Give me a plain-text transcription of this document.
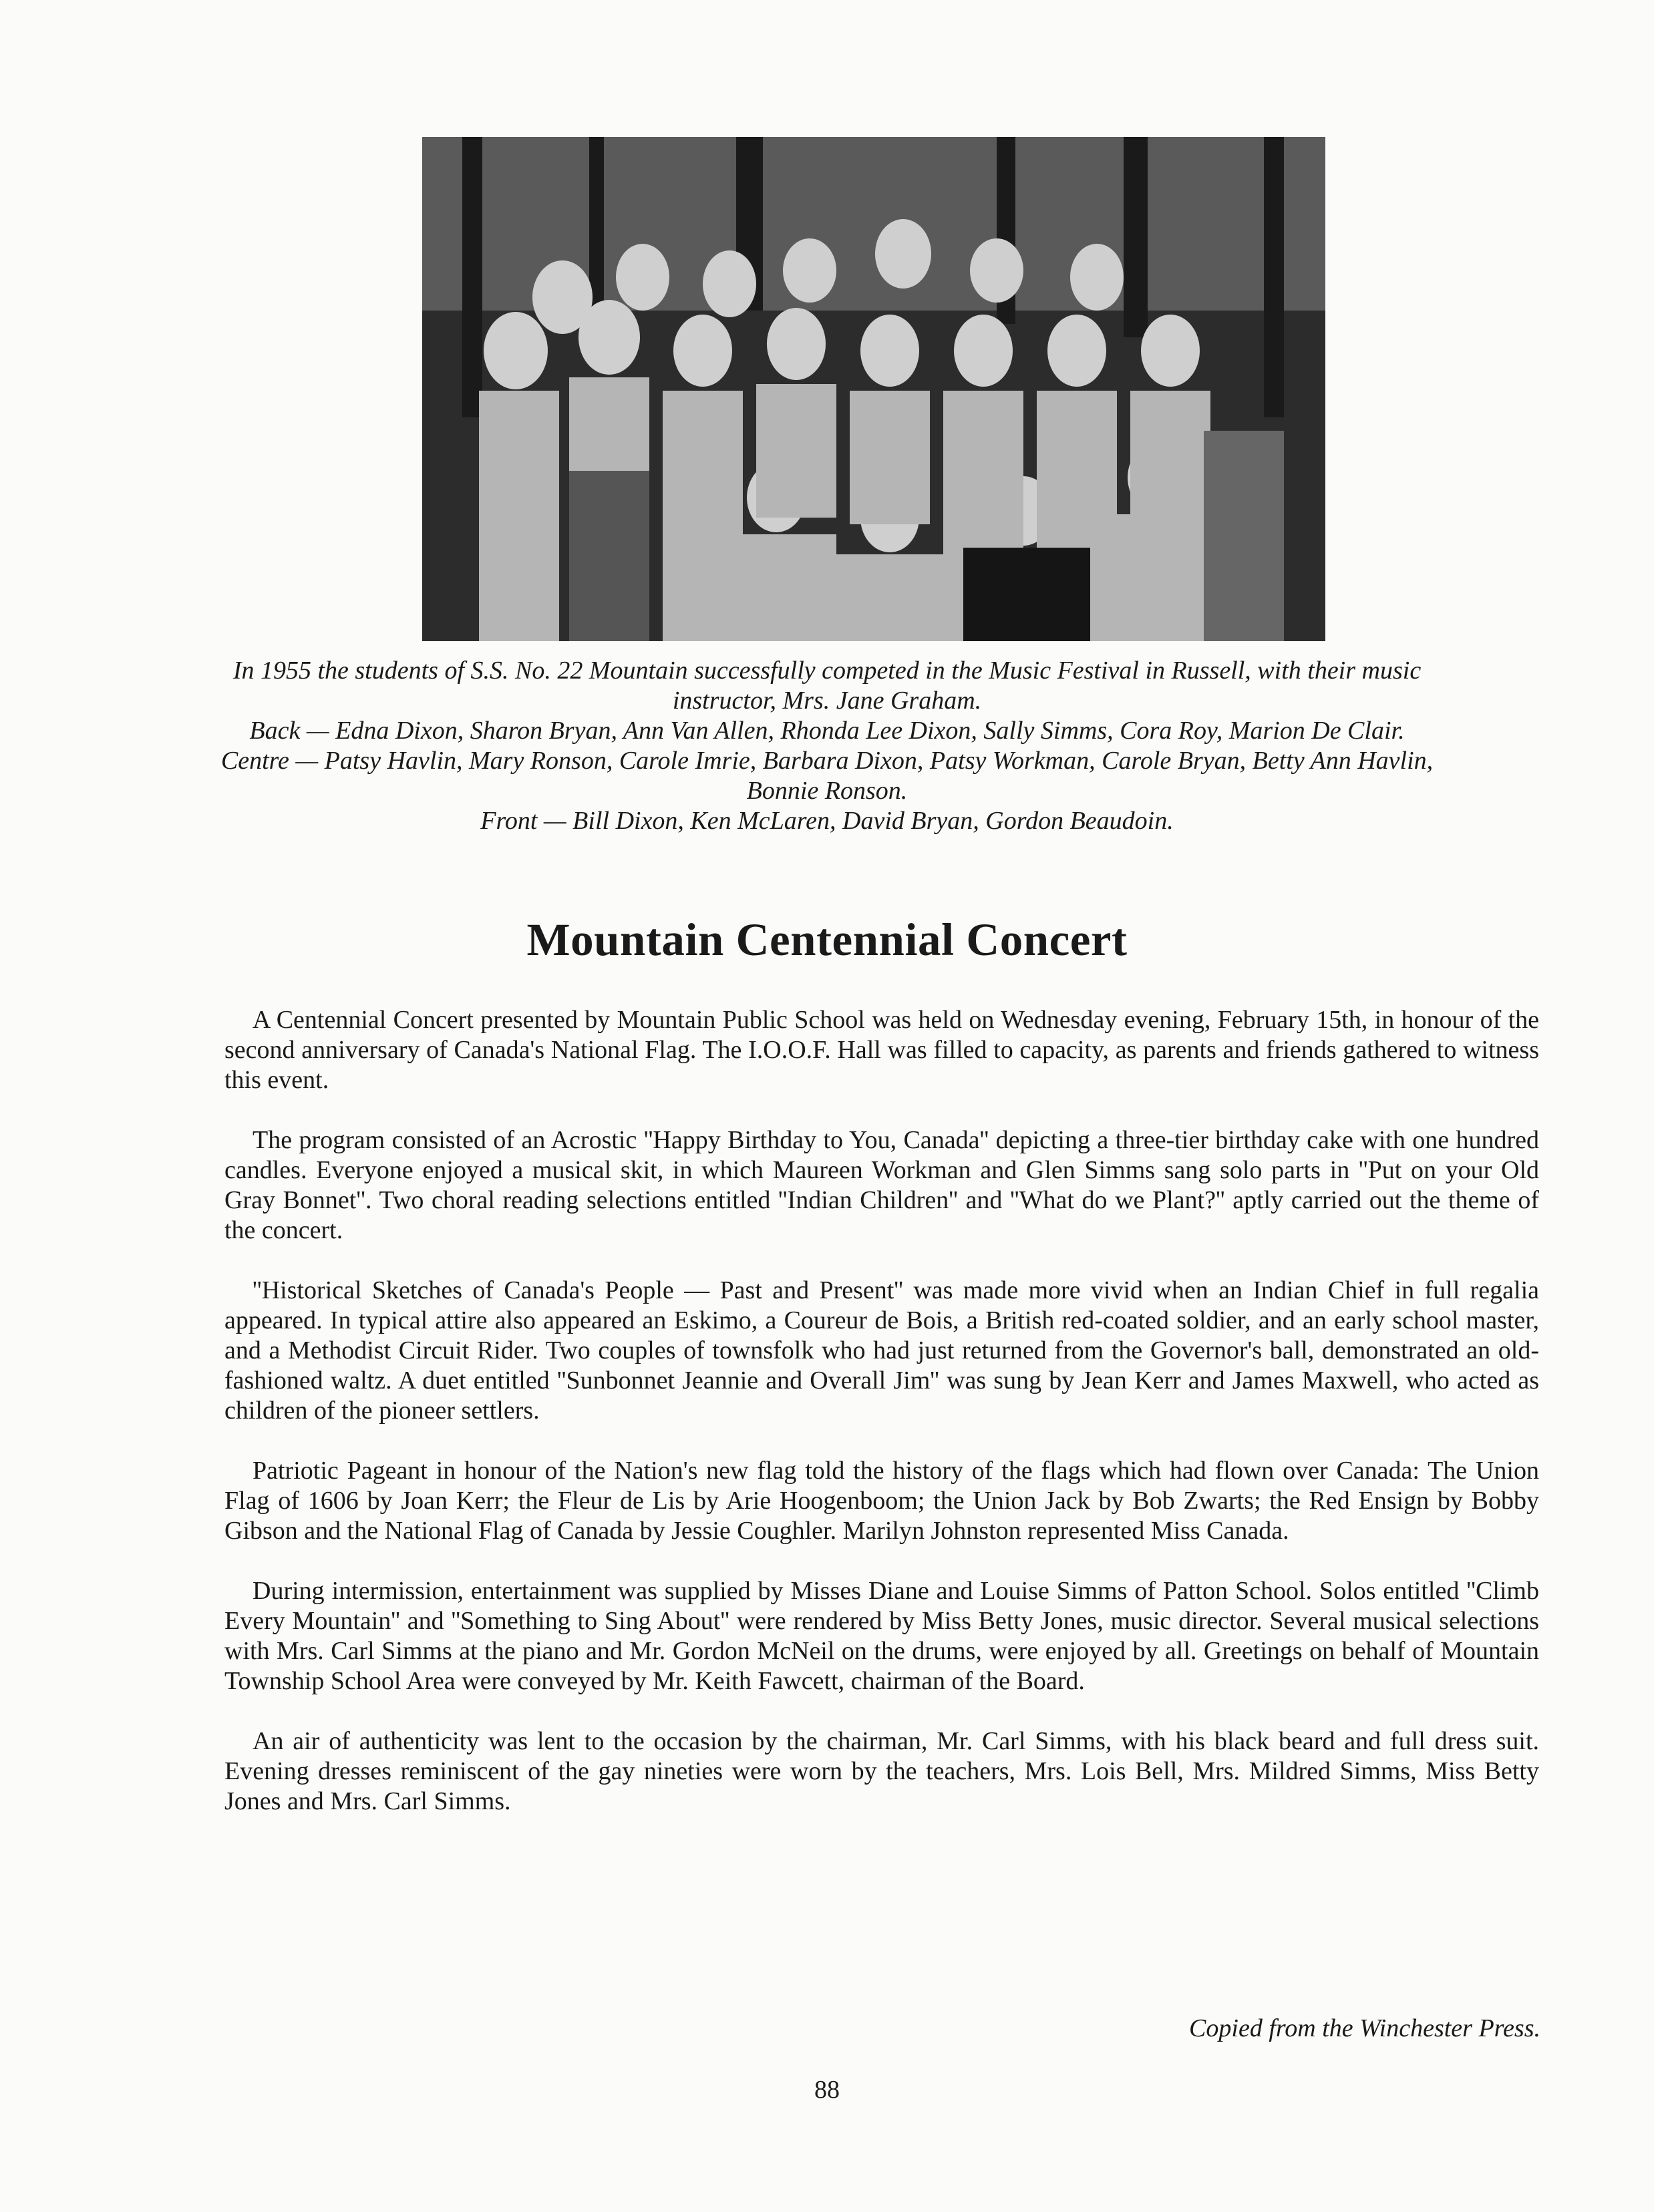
In 1955 the students of S.S. No. 22 Mountain successfully competed in the Music Festival in Russell, with their music instructor, Mrs. Jane Graham.

Back — Edna Dixon, Sharon Bryan, Ann Van Allen, Rhonda Lee Dixon, Sally Simms, Cora Roy, Marion De Clair.

Centre — Patsy Havlin, Mary Ronson, Carole Imrie, Barbara Dixon, Patsy Workman, Carole Bryan, Betty Ann Havlin, Bonnie Ronson.

Front — Bill Dixon, Ken McLaren, David Bryan, Gordon Beaudoin.

Mountain Centennial Concert

A Centennial Concert presented by Mountain Public School was held on Wednesday evening, February 15th, in honour of the second anniversary of Canada's National Flag. The I.O.O.F. Hall was filled to capacity, as parents and friends gathered to witness this event.

The program consisted of an Acrostic ''Happy Birthday to You, Canada'' depicting a three-tier birthday cake with one hundred candles. Everyone enjoyed a musical skit, in which Maureen Workman and Glen Simms sang solo parts in ''Put on your Old Gray Bonnet''. Two choral reading selections entitled ''Indian Children'' and ''What do we Plant?'' aptly carried out the theme of the concert.

''Historical Sketches of Canada's People — Past and Present'' was made more vivid when an Indian Chief in full regalia appeared. In typical attire also appeared an Eskimo, a Coureur de Bois, a British red-coated soldier, and an early school master, and a Methodist Circuit Rider. Two couples of townsfolk who had just returned from the Governor's ball, demonstrated an old-fashioned waltz. A duet entitled ''Sunbonnet Jeannie and Overall Jim'' was sung by Jean Kerr and James Maxwell, who acted as children of the pioneer settlers.

Patriotic Pageant in honour of the Nation's new flag told the history of the flags which had flown over Canada: The Union Flag of 1606 by Joan Kerr; the Fleur de Lis by Arie Hoogenboom; the Union Jack by Bob Zwarts; the Red Ensign by Bobby Gibson and the National Flag of Canada by Jessie Coughler. Marilyn Johnston represented Miss Canada.

During intermission, entertainment was supplied by Misses Diane and Louise Simms of Patton School. Solos entitled ''Climb Every Mountain'' and ''Something to Sing About'' were rendered by Miss Betty Jones, music director. Several musical selections with Mrs. Carl Simms at the piano and Mr. Gordon McNeil on the drums, were enjoyed by all. Greetings on behalf of Mountain Township School Area were conveyed by Mr. Keith Fawcett, chairman of the Board.

An air of authenticity was lent to the occasion by the chairman, Mr. Carl Simms, with his black beard and full dress suit. Evening dresses reminiscent of the gay nineties were worn by the teachers, Mrs. Lois Bell, Mrs. Mildred Simms, Miss Betty Jones and Mrs. Carl Simms.

Copied from the Winchester Press.
88
